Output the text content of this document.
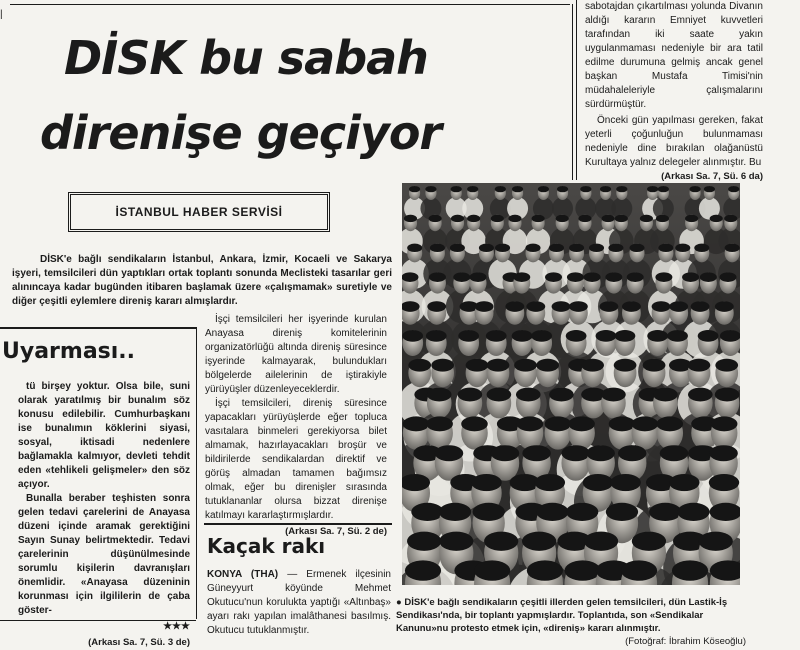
|
DİSK bu sabah
direnişe geçiyor
İSTANBUL HABER SERVİSİ

DİSK'e bağlı sendikaların İstanbul, Ankara, İzmir, Kocaeli ve Sakarya işyeri, temsilcileri dün yaptıkları ortak toplantı sonunda Meclisteki tasarılar geri alınıncaya kadar bugünden itibaren başlamak üzere «çalışmamak» suretiyle ve diğer çeşitli eylemlere direniş kararı almışlardır.

sabotajdan çıkartılması yolunda Divanın aldığı kararın Emniyet kuvvetleri tarafından iki saate yakın uygulanmaması nedeniyle bir ara tatil edilme durumuna gelmiş ancak genel başkan Mustafa Timisi'nin müdahaleleriyle çalışmalarını sürdürmüştür.

Önceki gün yapılması gereken, fakat yeterli çoğunluğun bulunmaması nedeniyle dine bırakılan olağanüstü Kurultaya yalnız delegeler alınmıştır. Bu

(Arkası Sa. 7, Sü. 6 da)
Uyarması..

tü birşey yoktur. Olsa bile, suni olarak yaratılmış bir bunalım söz konusu edilebilir. Cumhurbaşkanı ise bunalımın köklerini siyasi, sosyal, iktisadi nedenlere bağlamakla kalmıyor, devleti tehdit eden «tehlikeli gelişmeler» den söz açıyor.

Bunalla beraber teşhisten sonra gelen tedavi çarelerini de Anayasa düzeni içinde aramak gerektiğini Sayın Sunay belirtmektedir. Tedavi çarelerinin düşünülmesinde sorumlu kişilerin davranışları önemlidir. «Anayasa düzeninin korunması için ilgililerin de çaba göster-

★★★
(Arkası Sa. 7, Sü. 3 de)

İşçi temsilcileri her işyerinde kurulan Anayasa direniş komitelerinin organizatörlüğü altında direniş süresince işyerinde kalmayarak, bulundukları bölgelerde ailelerinin de iştirakiyle yürüyüşler düzenleyeceklerdir.

İşçi temsilcileri, direniş süresince yapacakları yürüyüşlerde eğer topluca vasıtalara binmeleri gerekiyorsa bilet almamak, hazırlayacakları broşür ve bildirilerde sendikalardan direktif ve görüş almadan tamamen bağımsız olmak, eğer bu direnişler sırasında tutuklananlar olursa bizzat direnişe katılmayı kararlaştırmışlardır.

(Arkası Sa. 7, Sü. 2 de)
Kaçak rakı

KONYA (THA) — Ermenek ilçesinin Güneyyurt köyünde Mehmet Okutucu'nun korulukta yaptığı «Altınbaş» ayarı rakı yapılan imalâthanesi basılmış. Okutucu tutuklanmıştır.

● DİSK'e bağlı sendikaların çeşitli illerden gelen temsilcileri, dün Lastik-İş Sendikası'nda, bir toplantı yapmışlardır. Toplantıda, son «Sendikalar Kanunu»nu protesto etmek için, «direniş» kararı alınmıştır.
(Fotoğraf: İbrahim Köseoğlu)
